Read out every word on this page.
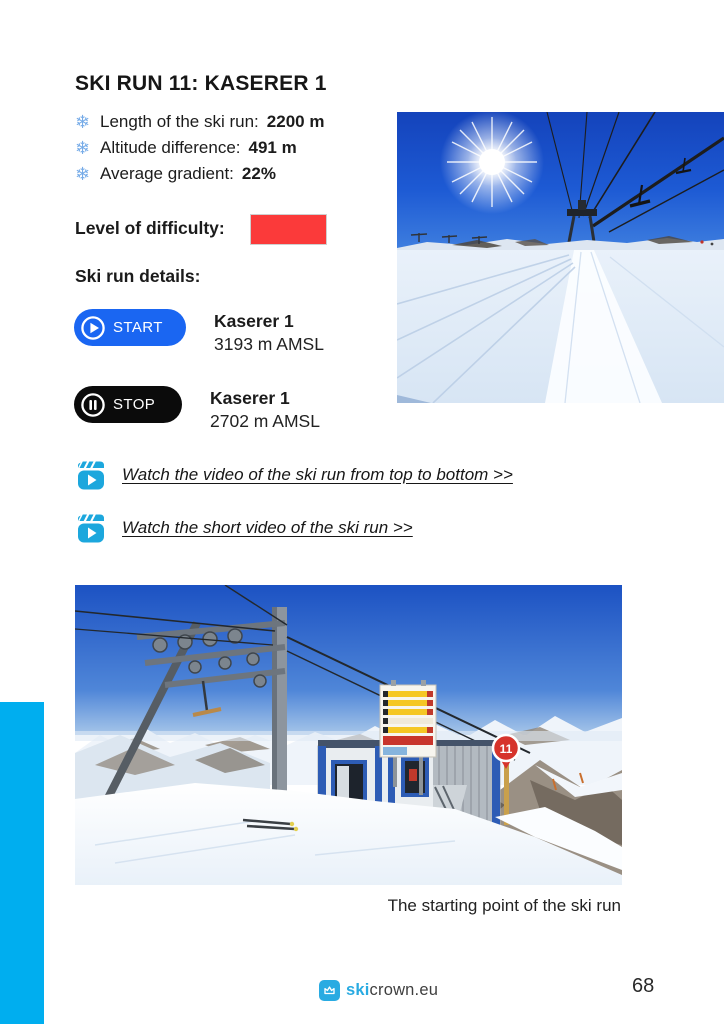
SKI RUN 11: KASERER 1
❄ Length of the ski run: 2200 m
❄ Altitude difference: 491 m
❄ Average gradient: 22%
Level of difficulty:
Ski run details:
START	Kaserer 1
3193 m AMSL
STOP	Kaserer 1
2702 m AMSL
Watch the video of the ski run from top to bottom >>
Watch the short video of the ski run >>
11
The starting point of the ski run
skicrown.eu	68
